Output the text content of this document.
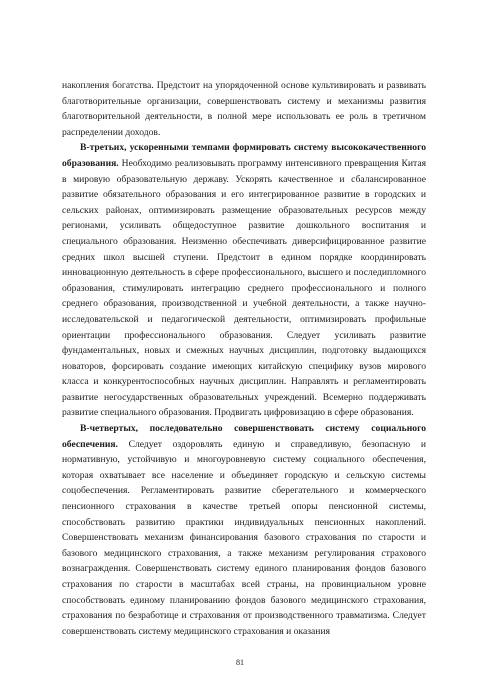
накопления богатства. Предстоит на упорядоченной основе культивировать и развивать благотворительные организации, совершенствовать систему и механизмы развития благотворительной деятельности, в полной мере использовать ее роль в третичном распределении доходов.

В-третьих, ускоренными темпами формировать систему высококачественного образования. Необходимо реализовывать программу интенсивного превращения Китая в мировую образовательную державу. Ускорять качественное и сбалансированное развитие обязательного образования и его интегрированное развитие в городских и сельских районах, оптимизировать размещение образовательных ресурсов между регионами, усиливать общедоступное развитие дошкольного воспитания и специального образования. Неизменно обеспечивать диверсифицированное развитие средних школ высшей ступени. Предстоит в едином порядке координировать инновационную деятельность в сфере профессионального, высшего и последипломного образования, стимулировать интеграцию среднего профессионального и полного среднего образования, производственной и учебной деятельности, а также научно-исследовательской и педагогической деятельности, оптимизировать профильные ориентации профессионального образования. Следует усиливать развитие фундаментальных, новых и смежных научных дисциплин, подготовку выдающихся новаторов, форсировать создание имеющих китайскую специфику вузов мирового класса и конкурентоспособных научных дисциплин. Направлять и регламентировать развитие негосударственных образовательных учреждений. Всемерно поддерживать развитие специального образования. Продвигать цифровизацию в сфере образования.

В-четвертых, последовательно совершенствовать систему социального обеспечения. Следует оздоровлять единую и справедливую, безопасную и нормативную, устойчивую и многоуровневую систему социального обеспечения, которая охватывает все население и объединяет городскую и сельскую системы соцобеспечения. Регламентировать развитие сберегательного и коммерческого пенсионного страхования в качестве третьей опоры пенсионной системы, способствовать развитию практики индивидуальных пенсионных накоплений. Совершенствовать механизм финансирования базового страхования по старости и базового медицинского страхования, а также механизм регулирования страхового вознаграждения. Совершенствовать систему единого планирования фондов базового страхования по старости в масштабах всей страны, на провинциальном уровне способствовать единому планированию фондов базового медицинского страхования, страхования по безработице и страхования от производственного травматизма. Следует совершенствовать систему медицинского страхования и оказания

81
